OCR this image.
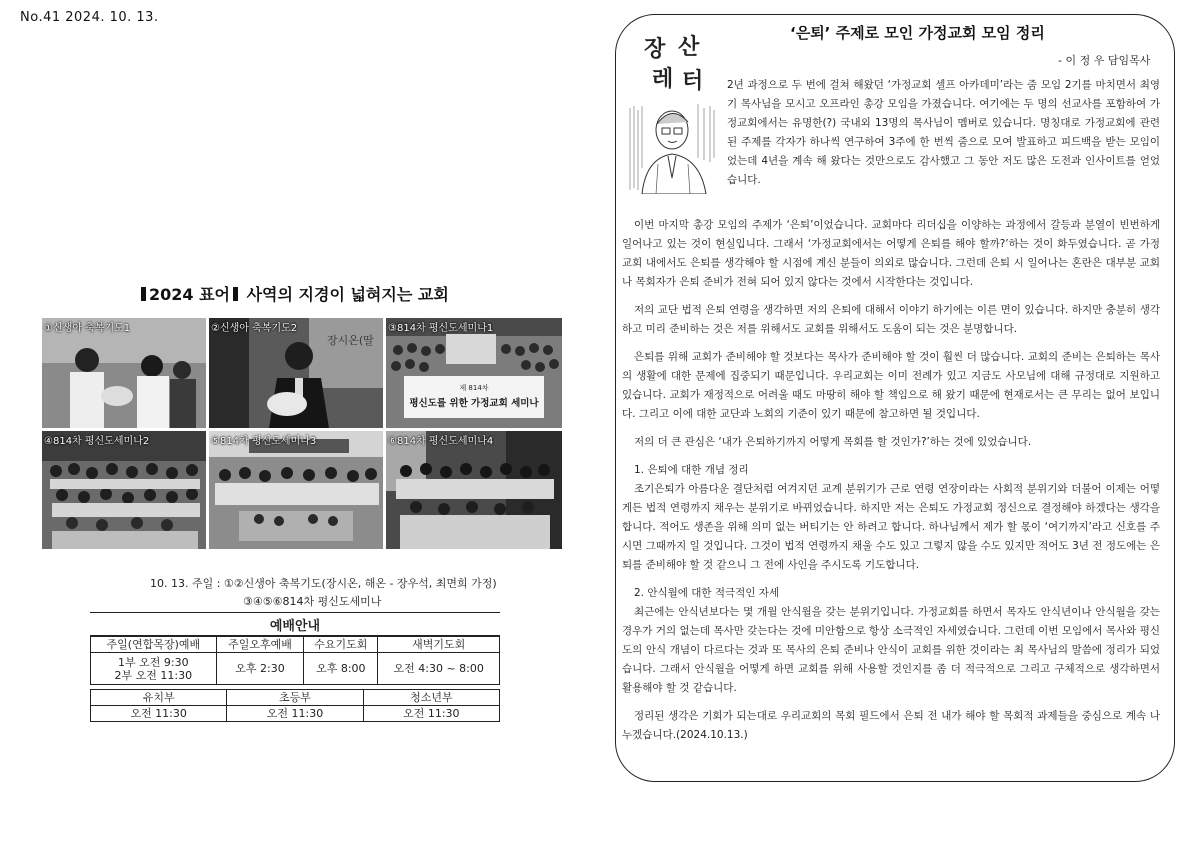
No.41 2024. 10. 13.
2024 표어 사역의 지경이 넓혀지는 교회
①신생아 축복기도1
장시온(딸
②신생아 축복기도2
제 814차
평신도를 위한 가정교회 세미나
③814차 평신도세미나1
④814차 평신도세미나2	⑤814차 평신도세미나3	⑥814차 평신도세미나4
10. 13. 주일 : ①②신생아 축복기도(장시온, 해온 - 장우석, 최면희 가정)
③④⑤⑥814차 평신도세미나
예배안내
주일(연합목장)예배	주일오후예배	수요기도회	새벽기도회
1부 오전 9:30
2부 오전 11:30	오후 2:30	오후 8:00	오전 4:30 ~ 8:00
유치부	초등부	청소년부
오전 11:30	오전 11:30	오전 11:30
장 산
레 터
‘은퇴’ 주제로 모인 가정교회 모임 정리
- 이 정 우 담임목사

2년 과정으로 두 번에 걸쳐 해왔던 ‘가정교회 셀프 아카데미’라는 줌 모임 2기를 마치면서 최영기 목사님을 모시고 오프라인 총강 모임을 가졌습니다. 여기에는 두 명의 선교사를 포함하여 가정교회에서는 유명한(?) 국내외 13명의 목사님이 멤버로 있습니다. 명칭대로 가정교회에 관련된 주제를 각자가 하나씩 연구하여 3주에 한 번씩 줌으로 모여 발표하고 피드백을 받는 모임이었는데 4년을 계속 해 왔다는 것만으로도 감사했고 그 동안 저도 많은 도전과 인사이트를 얻었습니다.

이번 마지막 총강 모임의 주제가 ‘은퇴’이었습니다. 교회마다 리더십을 이양하는 과정에서 갈등과 분열이 빈번하게 일어나고 있는 것이 현실입니다. 그래서 ‘가정교회에서는 어떻게 은퇴를 해야 할까?’하는 것이 화두였습니다. 곧 가정교회 내에서도 은퇴를 생각해야 할 시점에 계신 분들이 의외로 많습니다. 그런데 은퇴 시 일어나는 혼란은 대부분 교회나 목회자가 은퇴 준비가 전혀 되어 있지 않다는 것에서 시작한다는 것입니다.

저의 교단 법적 은퇴 연령을 생각하면 저의 은퇴에 대해서 이야기 하기에는 이른 면이 있습니다. 하지만 충분히 생각하고 미리 준비하는 것은 저를 위해서도 교회를 위해서도 도움이 되는 것은 분명합니다.

은퇴를 위해 교회가 준비해야 할 것보다는 목사가 준비해야 할 것이 훨씬 더 많습니다. 교회의 준비는 은퇴하는 목사의 생활에 대한 문제에 집중되기 때문입니다. 우리교회는 이미 전례가 있고 지금도 사모님에 대해 규정대로 지원하고 있습니다. 교회가 재정적으로 어려울 때도 마땅히 해야 할 책임으로 해 왔기 때문에 현재로서는 큰 무리는 없어 보입니다. 그리고 이에 대한 교단과 노회의 기준이 있기 때문에 참고하면 될 것입니다.

저의 더 큰 관심은 ‘내가 은퇴하기까지 어떻게 목회를 할 것인가?’하는 것에 있었습니다.

1. 은퇴에 대한 개념 정리

조기은퇴가 아름다운 결단처럼 여겨지던 교계 분위기가 근로 연령 연장이라는 사회적 분위기와 더불어 이제는 어떻게든 법적 연령까지 채우는 분위기로 바뀌었습니다. 하지만 저는 은퇴도 가정교회 정신으로 결정해야 하겠다는 생각을 합니다. 적어도 생존을 위해 의미 없는 버티기는 안 하려고 합니다. 하나님께서 제가 할 몫이 ‘여기까지’라고 신호를 주시면 그때까지 일 것입니다. 그것이 법적 연령까지 채울 수도 있고 그렇지 않을 수도 있지만 적어도 3년 전 정도에는 은퇴를 준비해야 할 것 같으니 그 전에 사인을 주시도록 기도합니다.

2. 안식월에 대한 적극적인 자세

최근에는 안식년보다는 몇 개월 안식월을 갖는 분위기입니다. 가정교회를 하면서 목자도 안식년이나 안식월을 갖는 경우가 거의 없는데 목사만 갖는다는 것에 미안함으로 항상 소극적인 자세였습니다. 그런데 이번 모임에서 목사와 평신도의 안식 개념이 다르다는 것과 또 목사의 은퇴 준비나 안식이 교회를 위한 것이라는 최 목사님의 말씀에 정리가 되었습니다. 그래서 안식월을 어떻게 하면 교회를 위해 사용할 것인지를 좀 더 적극적으로 그리고 구체적으로 생각하면서 활용해야 할 것 같습니다.

정리된 생각은 기회가 되는대로 우리교회의 목회 필드에서 은퇴 전 내가 해야 할 목회적 과제들을 중심으로 계속 나누겠습니다.(2024.10.13.)
